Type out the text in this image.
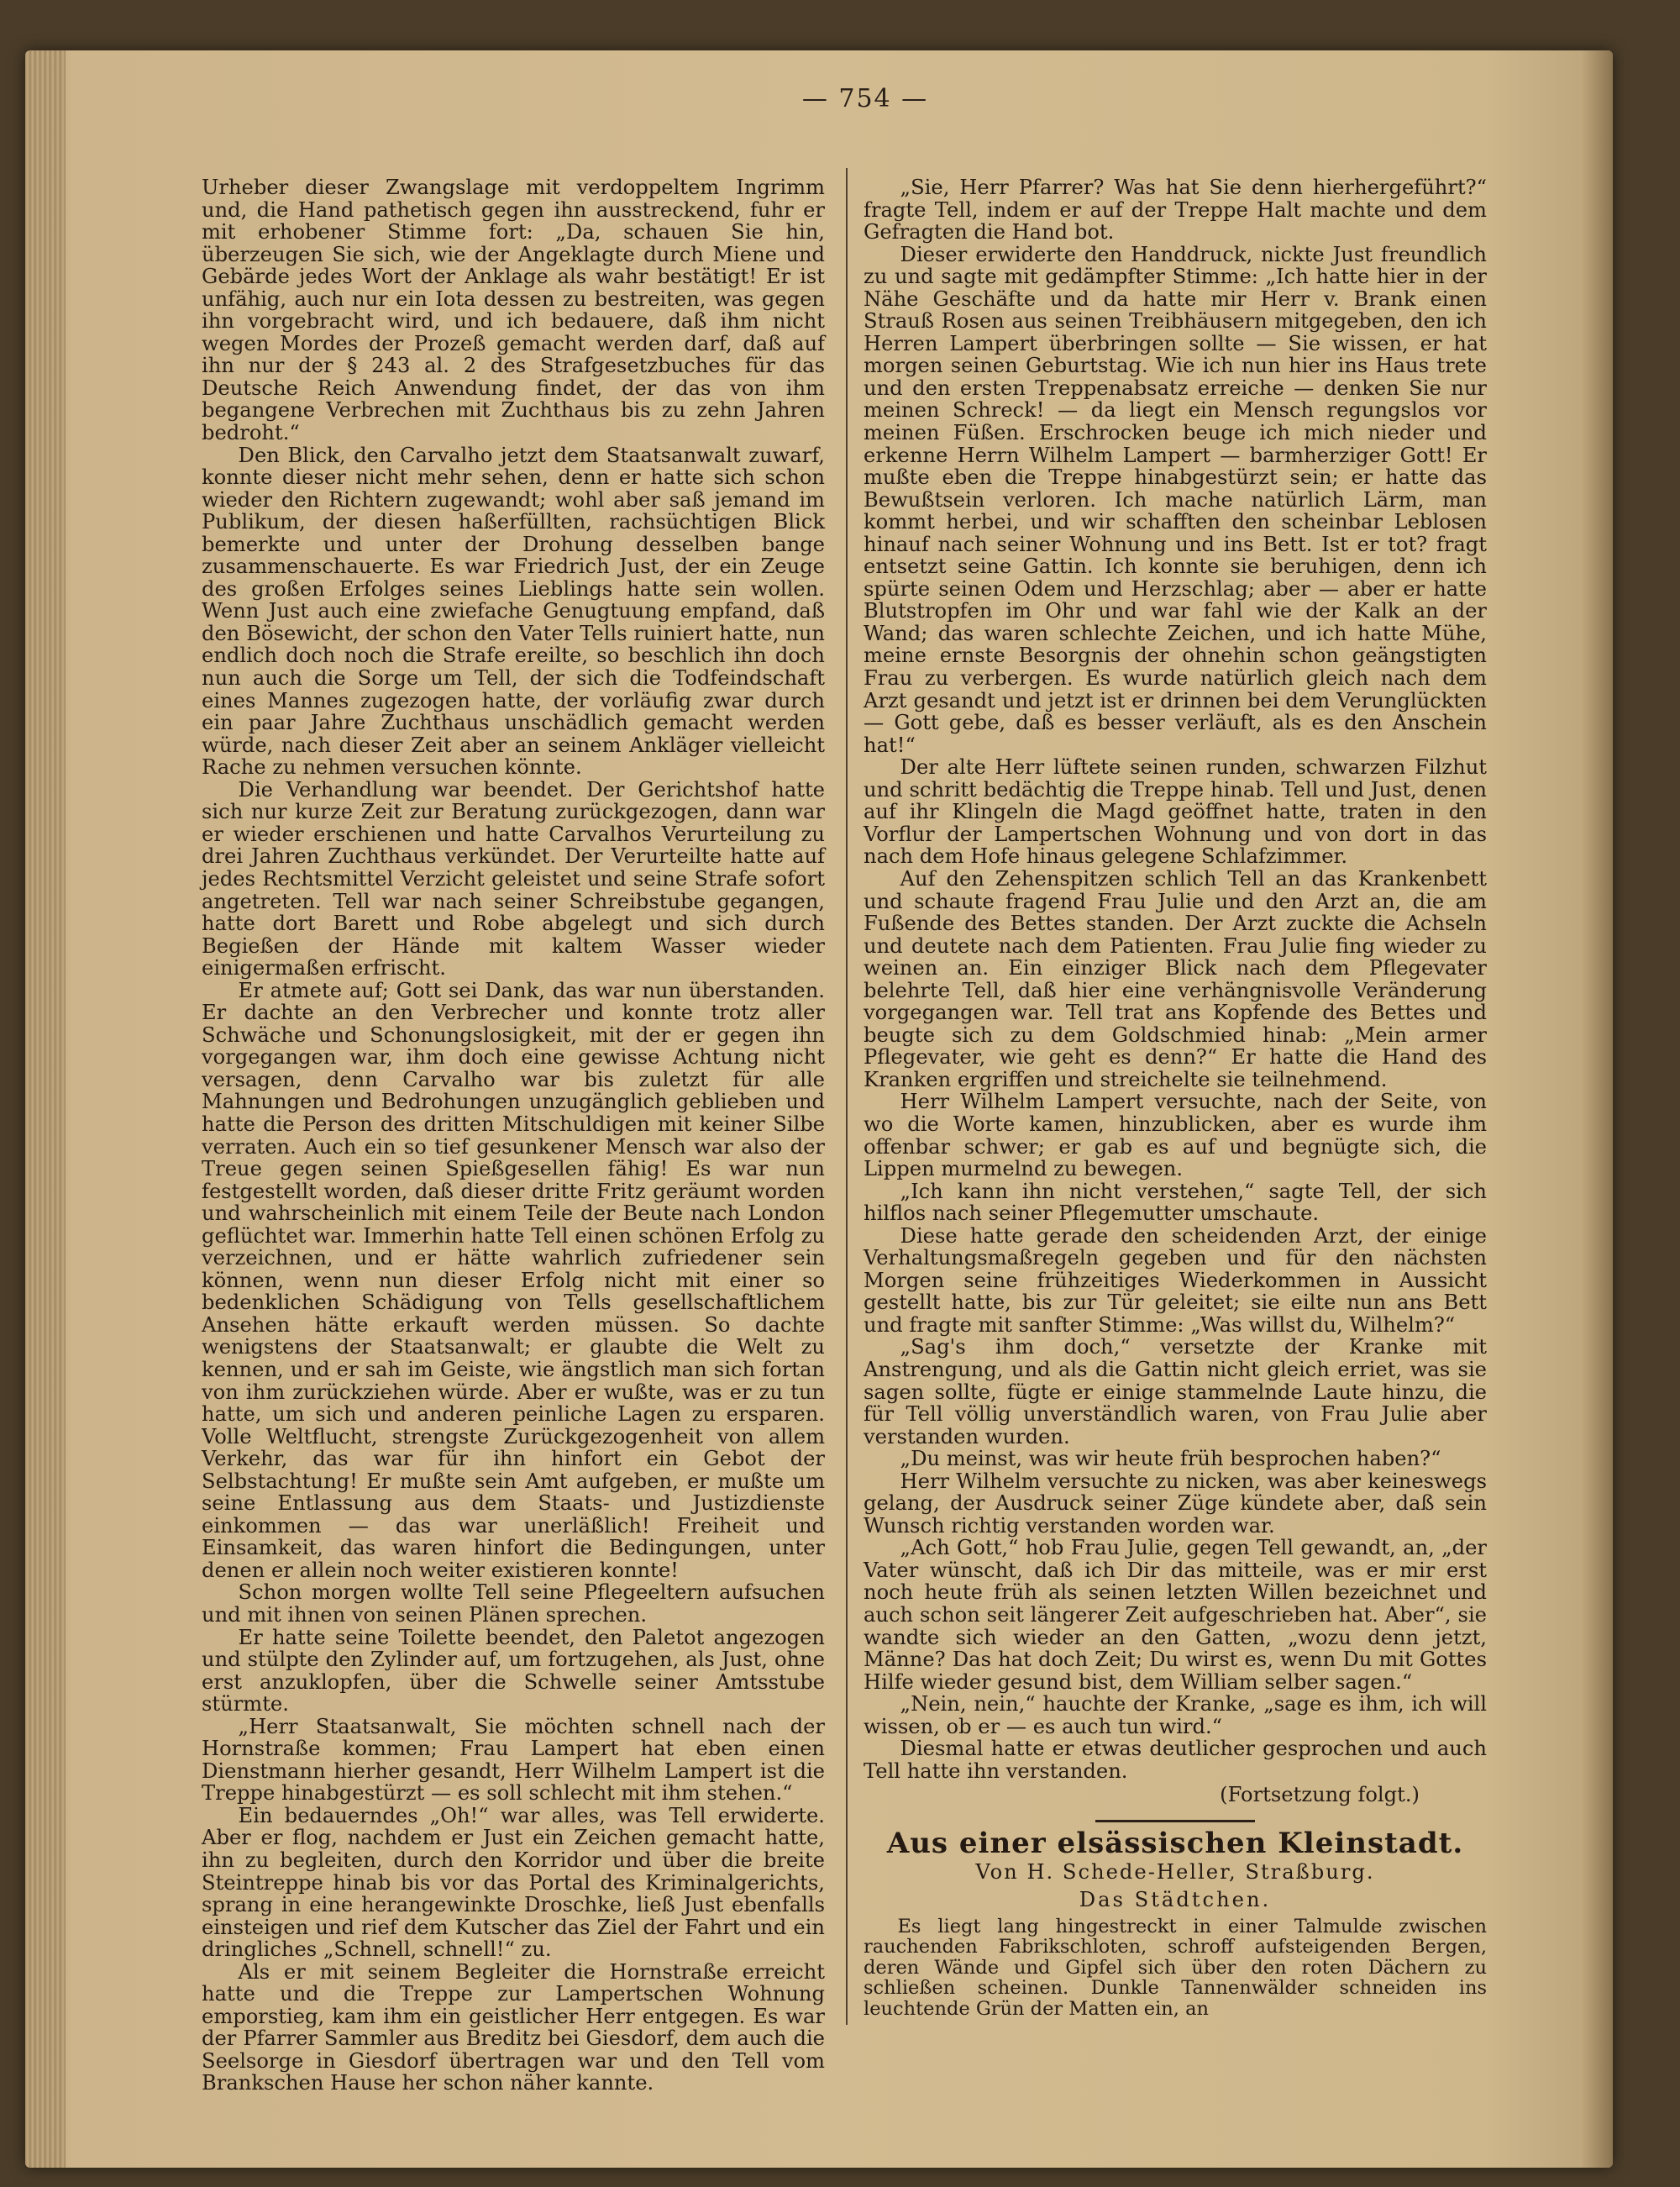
— 754 —

Urheber dieser Zwangslage mit verdoppeltem Ingrimm und, die Hand pathetisch gegen ihn ausstreckend, fuhr er mit erhobener Stimme fort: „Da, schauen Sie hin, überzeugen Sie sich, wie der Angeklagte durch Miene und Gebärde jedes Wort der Anklage als wahr bestätigt! Er ist unfähig, auch nur ein Iota dessen zu bestreiten, was gegen ihn vorgebracht wird, und ich bedauere, daß ihm nicht wegen Mordes der Prozeß gemacht werden darf, daß auf ihn nur der § 243 al. 2 des Strafgesetzbuches für das Deutsche Reich Anwendung findet, der das von ihm begangene Verbrechen mit Zuchthaus bis zu zehn Jahren bedroht.“

Den Blick, den Carvalho jetzt dem Staatsanwalt zuwarf, konnte dieser nicht mehr sehen, denn er hatte sich schon wieder den Richtern zugewandt; wohl aber saß jemand im Publikum, der diesen haßerfüllten, rachsüchtigen Blick bemerkte und unter der Drohung desselben bange zusammenschauerte. Es war Friedrich Just, der ein Zeuge des großen Erfolges seines Lieblings hatte sein wollen. Wenn Just auch eine zwiefache Genugtuung empfand, daß den Bösewicht, der schon den Vater Tells ruiniert hatte, nun endlich doch noch die Strafe ereilte, so beschlich ihn doch nun auch die Sorge um Tell, der sich die Todfeindschaft eines Mannes zugezogen hatte, der vorläufig zwar durch ein paar Jahre Zuchthaus unschädlich gemacht werden würde, nach dieser Zeit aber an seinem Ankläger vielleicht Rache zu nehmen versuchen könnte.

Die Verhandlung war beendet. Der Gerichtshof hatte sich nur kurze Zeit zur Beratung zurückgezogen, dann war er wieder erschienen und hatte Carvalhos Verurteilung zu drei Jahren Zuchthaus verkündet. Der Verurteilte hatte auf jedes Rechtsmittel Verzicht geleistet und seine Strafe sofort angetreten. Tell war nach seiner Schreibstube gegangen, hatte dort Barett und Robe abgelegt und sich durch Begießen der Hände mit kaltem Wasser wieder einigermaßen erfrischt.

Er atmete auf; Gott sei Dank, das war nun überstanden. Er dachte an den Verbrecher und konnte trotz aller Schwäche und Schonungslosigkeit, mit der er gegen ihn vorgegangen war, ihm doch eine gewisse Achtung nicht versagen, denn Carvalho war bis zuletzt für alle Mahnungen und Bedrohungen unzugänglich geblieben und hatte die Person des dritten Mitschuldigen mit keiner Silbe verraten. Auch ein so tief gesunkener Mensch war also der Treue gegen seinen Spießgesellen fähig! Es war nun festgestellt worden, daß dieser dritte Fritz geräumt worden und wahrscheinlich mit einem Teile der Beute nach London geflüchtet war. Immerhin hatte Tell einen schönen Erfolg zu verzeichnen, und er hätte wahrlich zufriedener sein können, wenn nun dieser Erfolg nicht mit einer so bedenklichen Schädigung von Tells gesellschaftlichem Ansehen hätte erkauft werden müssen. So dachte wenigstens der Staatsanwalt; er glaubte die Welt zu kennen, und er sah im Geiste, wie ängstlich man sich fortan von ihm zurückziehen würde. Aber er wußte, was er zu tun hatte, um sich und anderen peinliche Lagen zu ersparen. Volle Weltflucht, strengste Zurückgezogenheit von allem Verkehr, das war für ihn hinfort ein Gebot der Selbstachtung! Er mußte sein Amt aufgeben, er mußte um seine Entlassung aus dem Staats- und Justizdienste einkommen — das war unerläßlich! Freiheit und Einsamkeit, das waren hinfort die Bedingungen, unter denen er allein noch weiter existieren konnte!

Schon morgen wollte Tell seine Pflegeeltern aufsuchen und mit ihnen von seinen Plänen sprechen.

Er hatte seine Toilette beendet, den Paletot angezogen und stülpte den Zylinder auf, um fortzugehen, als Just, ohne erst anzuklopfen, über die Schwelle seiner Amtsstube stürmte.

„Herr Staatsanwalt, Sie möchten schnell nach der Hornstraße kommen; Frau Lampert hat eben einen Dienstmann hierher gesandt, Herr Wilhelm Lampert ist die Treppe hinabgestürzt — es soll schlecht mit ihm stehen.“

Ein bedauerndes „Oh!“ war alles, was Tell erwiderte. Aber er flog, nachdem er Just ein Zeichen gemacht hatte, ihn zu begleiten, durch den Korridor und über die breite Steintreppe hinab bis vor das Portal des Kriminalgerichts, sprang in eine herangewinkte Droschke, ließ Just ebenfalls einsteigen und rief dem Kutscher das Ziel der Fahrt und ein dringliches „Schnell, schnell!“ zu.

Als er mit seinem Begleiter die Hornstraße erreicht hatte und die Treppe zur Lampertschen Wohnung emporstieg, kam ihm ein geistlicher Herr entgegen. Es war der Pfarrer Sammler aus Breditz bei Giesdorf, dem auch die Seelsorge in Giesdorf übertragen war und den Tell vom Brankschen Hause her schon näher kannte.

„Sie, Herr Pfarrer? Was hat Sie denn hierhergeführt?“ fragte Tell, indem er auf der Treppe Halt machte und dem Gefragten die Hand bot.

Dieser erwiderte den Handdruck, nickte Just freundlich zu und sagte mit gedämpfter Stimme: „Ich hatte hier in der Nähe Geschäfte und da hatte mir Herr v. Brank einen Strauß Rosen aus seinen Treibhäusern mitgegeben, den ich Herren Lampert überbringen sollte — Sie wissen, er hat morgen seinen Geburtstag. Wie ich nun hier ins Haus trete und den ersten Treppenabsatz erreiche — denken Sie nur meinen Schreck! — da liegt ein Mensch regungslos vor meinen Füßen. Erschrocken beuge ich mich nieder und erkenne Herrn Wilhelm Lampert — barmherziger Gott! Er mußte eben die Treppe hinabgestürzt sein; er hatte das Bewußtsein verloren. Ich mache natürlich Lärm, man kommt herbei, und wir schafften den scheinbar Leblosen hinauf nach seiner Wohnung und ins Bett. Ist er tot? fragt entsetzt seine Gattin. Ich konnte sie beruhigen, denn ich spürte seinen Odem und Herzschlag; aber — aber er hatte Blutstropfen im Ohr und war fahl wie der Kalk an der Wand; das waren schlechte Zeichen, und ich hatte Mühe, meine ernste Besorgnis der ohnehin schon geängstigten Frau zu verbergen. Es wurde natürlich gleich nach dem Arzt gesandt und jetzt ist er drinnen bei dem Verunglückten — Gott gebe, daß es besser verläuft, als es den Anschein hat!“

Der alte Herr lüftete seinen runden, schwarzen Filzhut und schritt bedächtig die Treppe hinab. Tell und Just, denen auf ihr Klingeln die Magd geöffnet hatte, traten in den Vorflur der Lampertschen Wohnung und von dort in das nach dem Hofe hinaus gelegene Schlafzimmer.

Auf den Zehenspitzen schlich Tell an das Krankenbett und schaute fragend Frau Julie und den Arzt an, die am Fußende des Bettes standen. Der Arzt zuckte die Achseln und deutete nach dem Patienten. Frau Julie fing wieder zu weinen an. Ein einziger Blick nach dem Pflegevater belehrte Tell, daß hier eine verhängnisvolle Veränderung vorgegangen war. Tell trat ans Kopfende des Bettes und beugte sich zu dem Goldschmied hinab: „Mein armer Pflegevater, wie geht es denn?“ Er hatte die Hand des Kranken ergriffen und streichelte sie teilnehmend.

Herr Wilhelm Lampert versuchte, nach der Seite, von wo die Worte kamen, hinzublicken, aber es wurde ihm offenbar schwer; er gab es auf und begnügte sich, die Lippen murmelnd zu bewegen.

„Ich kann ihn nicht verstehen,“ sagte Tell, der sich hilflos nach seiner Pflegemutter umschaute.

Diese hatte gerade den scheidenden Arzt, der einige Verhaltungsmaßregeln gegeben und für den nächsten Morgen seine frühzeitiges Wiederkommen in Aussicht gestellt hatte, bis zur Tür geleitet; sie eilte nun ans Bett und fragte mit sanfter Stimme: „Was willst du, Wilhelm?“

„Sag's ihm doch,“ versetzte der Kranke mit Anstrengung, und als die Gattin nicht gleich erriet, was sie sagen sollte, fügte er einige stammelnde Laute hinzu, die für Tell völlig unverständlich waren, von Frau Julie aber verstanden wurden.

„Du meinst, was wir heute früh besprochen haben?“

Herr Wilhelm versuchte zu nicken, was aber keineswegs gelang, der Ausdruck seiner Züge kündete aber, daß sein Wunsch richtig verstanden worden war.

„Ach Gott,“ hob Frau Julie, gegen Tell gewandt, an, „der Vater wünscht, daß ich Dir das mitteile, was er mir erst noch heute früh als seinen letzten Willen bezeichnet und auch schon seit längerer Zeit aufgeschrieben hat. Aber“, sie wandte sich wieder an den Gatten, „wozu denn jetzt, Männe? Das hat doch Zeit; Du wirst es, wenn Du mit Gottes Hilfe wieder gesund bist, dem William selber sagen.“

„Nein, nein,“ hauchte der Kranke, „sage es ihm, ich will wissen, ob er — es auch tun wird.“

Diesmal hatte er etwas deutlicher gesprochen und auch Tell hatte ihn verstanden.

(Fortsetzung folgt.)

Aus einer elsässischen Kleinstadt.
Von H. Schede-Heller, Straßburg.
Das Städtchen.

Es liegt lang hingestreckt in einer Talmulde zwischen rauchenden Fabrikschloten, schroff aufsteigenden Bergen, deren Wände und Gipfel sich über den roten Dächern zu schließen scheinen. Dunkle Tannenwälder schneiden ins leuchtende Grün der Matten ein, an
